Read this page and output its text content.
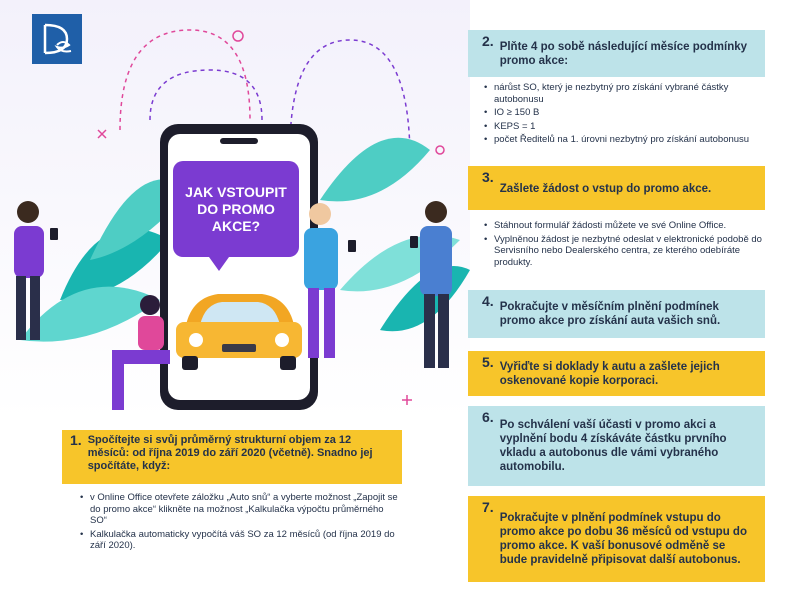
JAK VSTOUPIT DO PROMO AKCE?
2. Plňte 4 po sobě následující měsíce podmínky promo akce:
• nárůst SO, který je nezbytný pro získání vybrané částky autobonusu
• IO ≥ 150 B
• KEPS = 1
• počet Ředitelů na 1. úrovni nezbytný pro získání autobonusu
3.
Zašlete žádost o vstup do promo akce.
• Stáhnout formulář žádosti můžete ve své Online Office.
• Vyplněnou žádost je nezbytné odeslat v elektronické podobě do Servisního nebo Dealerského centra, ze kterého odebíráte produkty.
4. Pokračujte v měsíčním plnění podmínek promo akce pro získání auta vašich snů.
5. Vyřiďte si doklady k autu a zašlete jejich oskenované kopie korporaci.
6. Po schválení vaší účasti v promo akci a vyplnění bodu 4 získáváte částku prvního vkladu a autobonus dle vámi vybraného automobilu.
7.
Pokračujte v plnění podmínek vstupu do promo akce po dobu 36 měsíců od vstupu do promo akce. K vaší bonusové odměně se bude pravidelně připisovat další autobonus.
1. Spočítejte si svůj průměrný strukturní objem za 12 měsíců: od října 2019 do září 2020 (včetně). Snadno jej spočítáte, když:
• v Online Office otevřete záložku „Auto snů“ a vyberte možnost „Zapojit se do promo akce“ klikněte na možnost „Kalkulačka výpočtu průměrného SO“
• Kalkulačka automaticky vypočítá váš SO za 12 měsíců (od října 2019 do září 2020).
